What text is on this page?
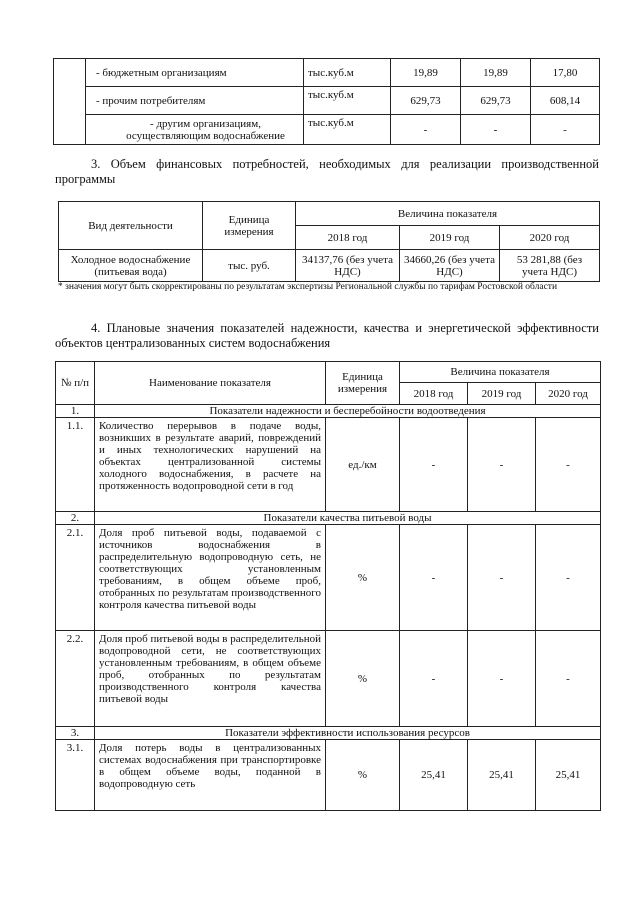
	- бюджетным организациям	тыс.куб.м	19,89	19,89	17,80
	- прочим потребителям	тыс.куб.м	629,73	629,73	608,14
	- другим организациям, осуществляющим водоснабжение	тыс.куб.м	-	-	-
3. Объем финансовых потребностей, необходимых для реализации производственной программы
Вид деятельности	Единица измерения	Величина показателя		
		2018 год	2019 год	2020 год
Холодное водоснабжение (питьевая вода)	тыс. руб.	34137,76 (без учета НДС)	34660,26 (без учета НДС)	53 281,88 (без учета НДС)
* значения могут быть скорректированы по результатам экспертизы Региональной службы по тарифам Ростовской области
4. Плановые значения показателей надежности, качества и энергетической эффективности объектов централизованных систем водоснабжения
№ п/п	Наименование показателя	Единица измерения	Величина показателя		
			2018 год	2019 год	2020 год
1.	Показатели надежности и бесперебойности водоотведения				
1.1.	Количество перерывов в подаче воды, возникших в результате аварий, повреждений и иных технологических нарушений на объектах централизованной системы холодного водоснабжения, в расчете на протяженность водопроводной сети в год	ед./км	-	-	-
2.	Показатели качества питьевой воды				
2.1.	Доля проб питьевой воды, подаваемой с источников водоснабжения в распределительную водопроводную сеть, не соответствующих установленным требованиям, в общем объеме проб, отобранных по результатам производственного контроля качества питьевой воды	%	-	-	-
2.2.	Доля проб питьевой воды в распределительной водопроводной сети, не соответствующих установленным требованиям, в общем объеме проб, отобранных по результатам производственного контроля качества питьевой воды	%	-	-	-
3.	Показатели эффективности использования ресурсов				
3.1.	Доля потерь воды в централизованных системах водоснабжения при транспортировке в общем объеме воды, поданной в водопроводную сеть	%	25,41	25,41	25,41
